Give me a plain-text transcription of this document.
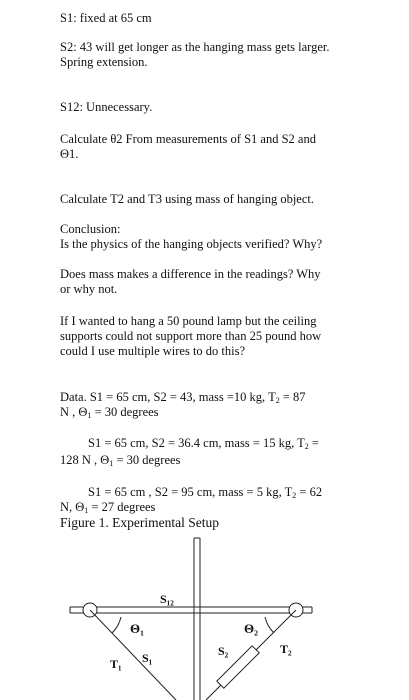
S1: fixed at 65 cm
S2: 43 will get longer as the hanging mass gets larger.
Spring extension.
S12: Unnecessary.
Calculate θ2 From measurements of S1 and S2 and
Θ1.
Calculate T2 and T3 using mass of hanging object.
Conclusion:
Is the physics of the hanging objects verified? Why?
Does mass makes a difference in the readings? Why
or why not.
If I wanted to hang a 50 pound lamp but the ceiling
supports could not support more than 25 pound how
could I use multiple wires to do this?
Data. S1 = 65 cm, S2 = 43, mass =10 kg, $T_2 = 87$
N , $\Theta_1 = 30$ degrees
S1 = 65 cm, S2 = 36.4 cm, mass = 15 kg, $T_2$ =
128 N , $\Theta_1 = 30$ degrees
S1 = 65 cm , S2 = 95 cm, mass = 5 kg, $T_2 = 62$
N, $\Theta_1 = 27$ degrees
Figure 1. Experimental Setup
S₁₂
Θ₁	Θ₂
T₁ S₁	S₂	T₂
